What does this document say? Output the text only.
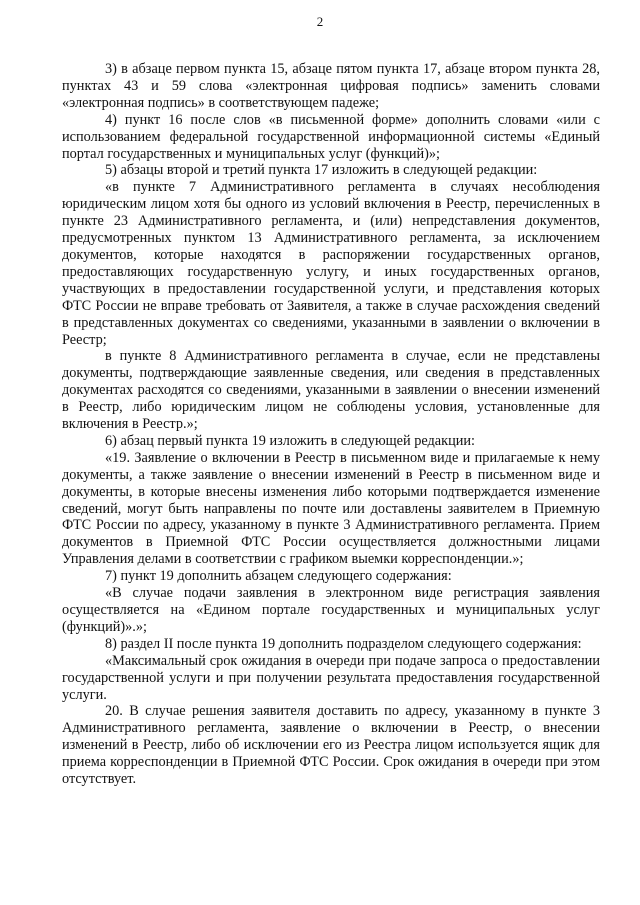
2

3) в абзаце первом пункта 15, абзаце пятом пункта 17, абзаце втором пункта 28, пунктах 43 и 59 слова «электронная цифровая подпись» заменить словами «электронная подпись» в соответствующем падеже;

4) пункт 16 после слов «в письменной форме» дополнить словами «или с использованием федеральной государственной информационной системы «Единый портал государственных и муниципальных услуг (функций)»;

5) абзацы второй и третий пункта 17 изложить в следующей редакции:

«в пункте 7 Административного регламента в случаях несоблюдения юридическим лицом хотя бы одного из условий включения в Реестр, перечисленных в пункте 23 Административного регламента, и (или) непредставления документов, предусмотренных пунктом 13 Административного регламента, за исключением документов, которые находятся в распоряжении государственных органов, предоставляющих государственную услугу, и иных государственных органов, участвующих в предоставлении государственной услуги, и представления которых ФТС России не вправе требовать от Заявителя, а также в случае расхождения сведений в представленных документах со сведениями, указанными в заявлении о включении в Реестр;

в пункте 8 Административного регламента в случае, если не представлены документы, подтверждающие заявленные сведения, или сведения в представленных документах расходятся со сведениями, указанными в заявлении о внесении изменений в Реестр, либо юридическим лицом не соблюдены условия, установленные для включения в Реестр.»;

6) абзац первый пункта 19 изложить в следующей редакции:

«19. Заявление о включении в Реестр в письменном виде и прилагаемые к нему документы, а также заявление о внесении изменений в Реестр в письменном виде и документы, в которые внесены изменения либо которыми подтверждается изменение сведений, могут быть направлены по почте или доставлены заявителем в Приемную ФТС России по адресу, указанному в пункте 3 Административного регламента. Прием документов в Приемной ФТС России осуществляется должностными лицами Управления делами в соответствии с графиком выемки корреспонденции.»;

7) пункт 19 дополнить абзацем следующего содержания:

«В случае подачи заявления в электронном виде регистрация заявления осуществляется на «Едином портале государственных и муниципальных услуг (функций)».»;

8) раздел II после пункта 19 дополнить подразделом следующего содержания:

«Максимальный срок ожидания в очереди при подаче запроса о предоставлении государственной услуги и при получении результата предоставления государственной услуги.

20. В случае решения заявителя доставить по адресу, указанному в пункте 3 Административного регламента, заявление о включении в Реестр, о внесении изменений в Реестр, либо об исключении его из Реестра лицом используется ящик для приема корреспонденции в Приемной ФТС России. Срок ожидания в очереди при этом отсутствует.
